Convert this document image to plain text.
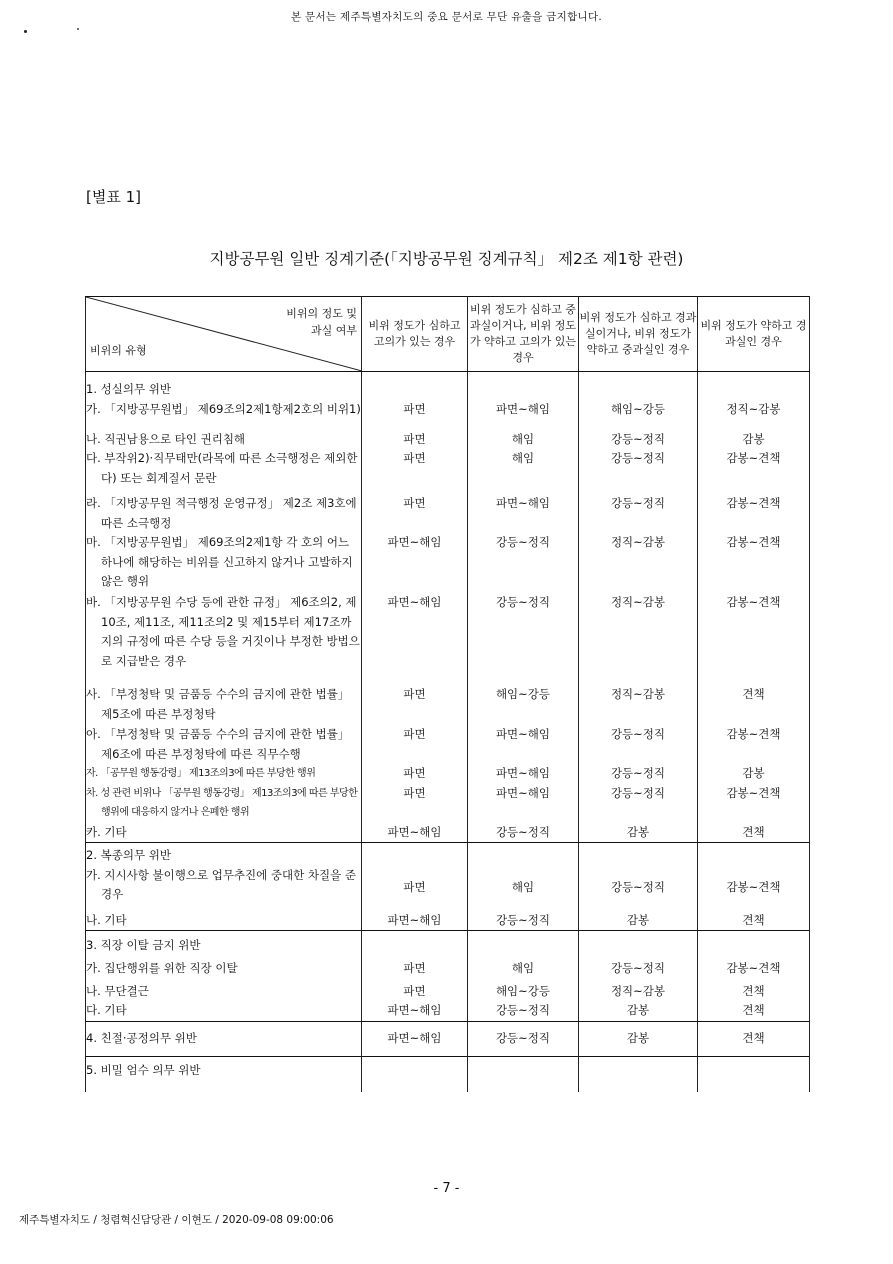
본 문서는 제주특별자치도의 중요 문서로 무단 유출을 금지합니다.
[별표 1]
지방공무원 일반 징계기준(「지방공무원 징계규칙」 제2조 제1항 관련)
비위의 정도 및
과실 여부
비위의 유형	비위 정도가 심하고 고의가 있는 경우	비위 정도가 심하고 중과실이거나, 비위 정도가 약하고 고의가 있는 경우	비위 정도가 심하고 경과실이거나, 비위 정도가 약하고 중과실인 경우	비위 정도가 약하고 경과실인 경우
1. 성실의무 위반				

가. 「지방공무원법」 제69조의2제1항제2호의 비위1)	파면	파면~해임	해임~강등	정직~감봉

나. 직권남용으로 타인 권리침해	파면	해임	강등~정직	감봉

다. 부작위2)·직무태만(라목에 따른 소극행정은 제외한다) 또는 회계질서 문란	파면	해임	강등~정직	감봉~견책

라. 「지방공무원 적극행정 운영규정」 제2조 제3호에 따른 소극행정	파면	파면~해임	강등~정직	감봉~견책

마. 「지방공무원법」 제69조의2제1항 각 호의 어느 하나에 해당하는 비위를 신고하지 않거나 고발하지 않은 행위	파면~해임	강등~정직	정직~감봉	감봉~견책

바. 「지방공무원 수당 등에 관한 규정」 제6조의2, 제10조, 제11조, 제11조의2 및 제15부터 제17조까지의 규정에 따른 수당 등을 거짓이나 부정한 방법으로 지급받은 경우	파면~해임	강등~정직	정직~감봉	감봉~견책

사. 「부정청탁 및 금품등 수수의 금지에 관한 법률」 제5조에 따른 부정청탁	파면	해임~강등	정직~감봉	견책

아. 「부정청탁 및 금품등 수수의 금지에 관한 법률」 제6조에 따른 부정청탁에 따른 직무수행	파면	파면~해임	강등~정직	감봉~견책

자. 「공무원 행동강령」 제13조의3에 따른 부당한 행위	파면	파면~해임	강등~정직	감봉

차. 성 관련 비위나 「공무원 행동강령」 제13조의3에 따른 부당한 행위에 대응하지 않거나 은폐한 행위	파면	파면~해임	강등~정직	감봉~견책

카. 기타	파면~해임	강등~정직	감봉	견책
2. 복종의무 위반				

가. 지시사항 불이행으로 업무추진에 중대한 차질을 준 경우	파면	해임	강등~정직	감봉~견책

나. 기타	파면~해임	강등~정직	감봉	견책
3. 직장 이탈 금지 위반				

가. 집단행위를 위한 직장 이탈	파면	해임	강등~정직	감봉~견책

나. 무단결근	파면	해임~강등	정직~감봉	견책

다. 기타	파면~해임	강등~정직	감봉	견책
4. 친절·공정의무 위반	파면~해임	강등~정직	감봉	견책
5. 비밀 엄수 의무 위반				
- 7 -
제주특별자치도 / 청렴혁신담당관 / 이현도 / 2020-09-08 09:00:06
